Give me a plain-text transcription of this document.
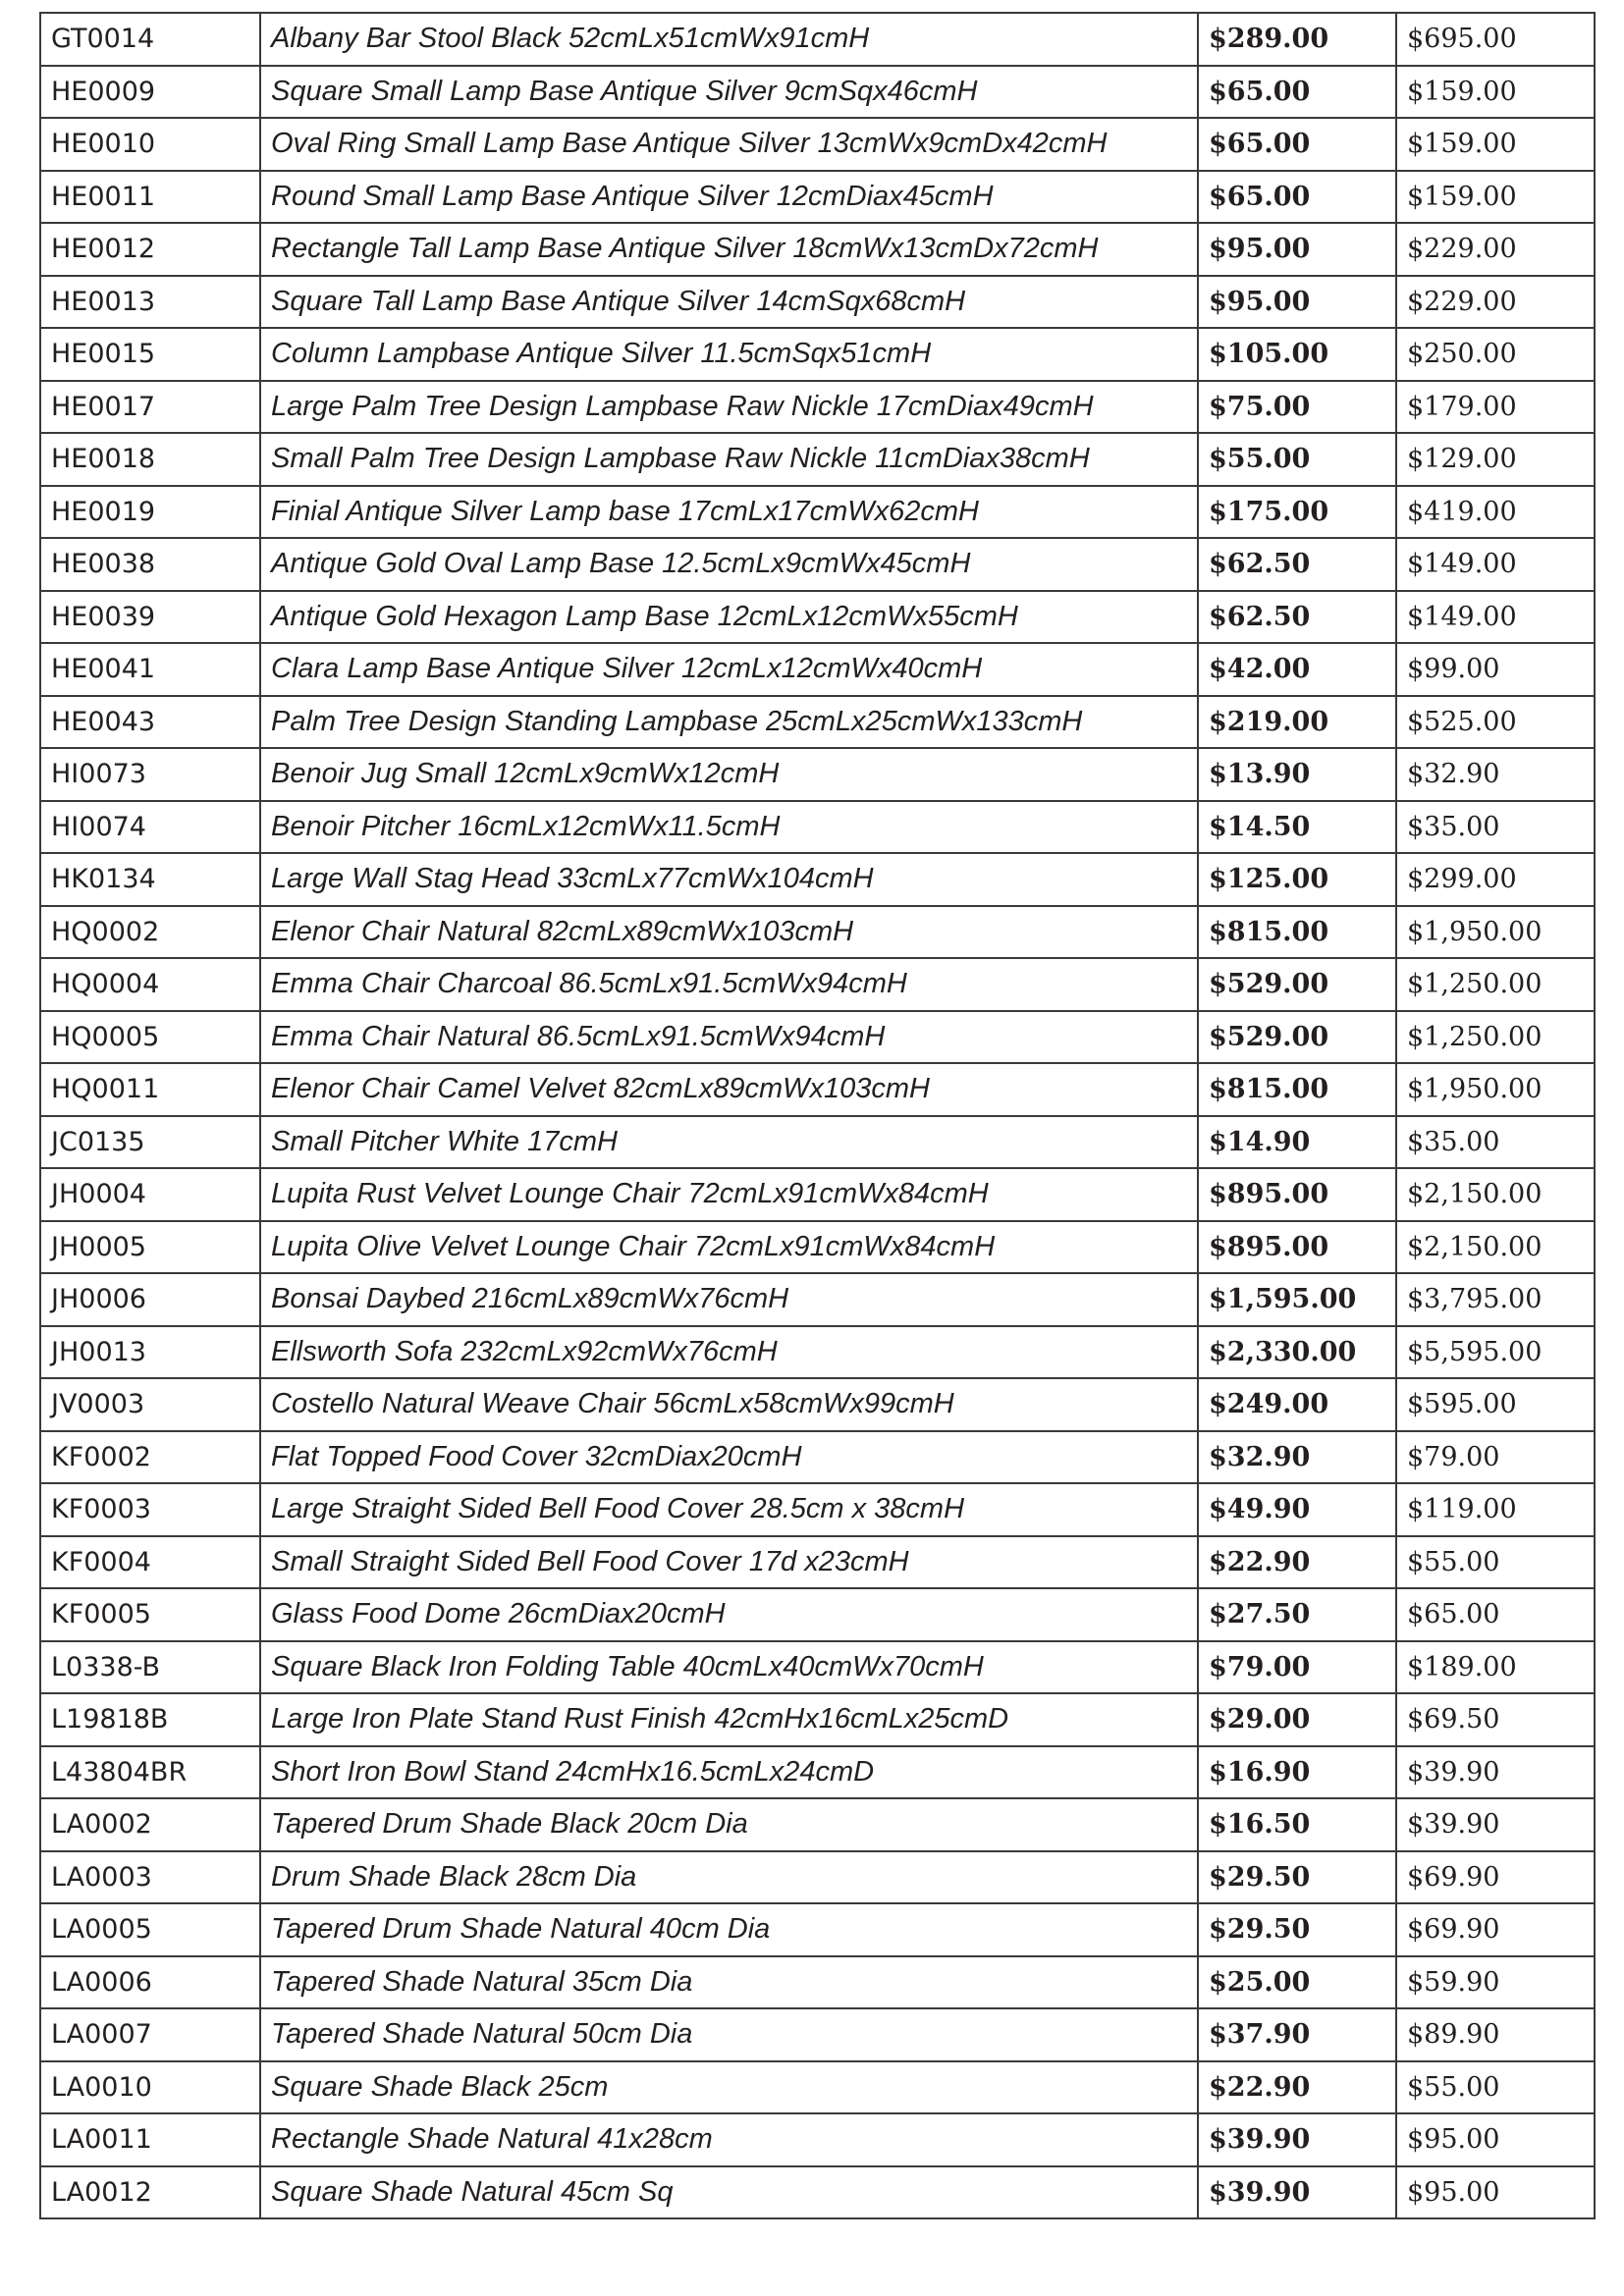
GT0014	Albany Bar Stool Black 52cmLx51cmWx91cmH	$289.00	$695.00
HE0009	Square Small Lamp Base Antique Silver 9cmSqx46cmH	$65.00	$159.00
HE0010	Oval Ring Small Lamp Base Antique Silver 13cmWx9cmDx42cmH	$65.00	$159.00
HE0011	Round Small Lamp Base Antique Silver 12cmDiax45cmH	$65.00	$159.00
HE0012	Rectangle Tall Lamp Base Antique Silver 18cmWx13cmDx72cmH	$95.00	$229.00
HE0013	Square Tall Lamp Base Antique Silver 14cmSqx68cmH	$95.00	$229.00
HE0015	Column Lampbase Antique Silver 11.5cmSqx51cmH	$105.00	$250.00
HE0017	Large Palm Tree Design Lampbase Raw Nickle 17cmDiax49cmH	$75.00	$179.00
HE0018	Small Palm Tree Design Lampbase Raw Nickle 11cmDiax38cmH	$55.00	$129.00
HE0019	Finial Antique Silver Lamp base 17cmLx17cmWx62cmH	$175.00	$419.00
HE0038	Antique Gold Oval Lamp Base 12.5cmLx9cmWx45cmH	$62.50	$149.00
HE0039	Antique Gold Hexagon Lamp Base 12cmLx12cmWx55cmH	$62.50	$149.00
HE0041	Clara Lamp Base Antique Silver 12cmLx12cmWx40cmH	$42.00	$99.00
HE0043	Palm Tree Design Standing Lampbase 25cmLx25cmWx133cmH	$219.00	$525.00
HI0073	Benoir Jug Small 12cmLx9cmWx12cmH	$13.90	$32.90
HI0074	Benoir Pitcher 16cmLx12cmWx11.5cmH	$14.50	$35.00
HK0134	Large Wall Stag Head 33cmLx77cmWx104cmH	$125.00	$299.00
HQ0002	Elenor Chair Natural 82cmLx89cmWx103cmH	$815.00	$1,950.00
HQ0004	Emma Chair Charcoal 86.5cmLx91.5cmWx94cmH	$529.00	$1,250.00
HQ0005	Emma Chair Natural 86.5cmLx91.5cmWx94cmH	$529.00	$1,250.00
HQ0011	Elenor Chair Camel Velvet 82cmLx89cmWx103cmH	$815.00	$1,950.00
JC0135	Small Pitcher White 17cmH	$14.90	$35.00
JH0004	Lupita Rust Velvet Lounge Chair 72cmLx91cmWx84cmH	$895.00	$2,150.00
JH0005	Lupita Olive Velvet Lounge Chair 72cmLx91cmWx84cmH	$895.00	$2,150.00
JH0006	Bonsai Daybed 216cmLx89cmWx76cmH	$1,595.00	$3,795.00
JH0013	Ellsworth Sofa 232cmLx92cmWx76cmH	$2,330.00	$5,595.00
JV0003	Costello Natural Weave Chair 56cmLx58cmWx99cmH	$249.00	$595.00
KF0002	Flat Topped Food Cover 32cmDiax20cmH	$32.90	$79.00
KF0003	Large Straight Sided Bell Food Cover 28.5cm x 38cmH	$49.90	$119.00
KF0004	Small Straight Sided Bell Food Cover 17d x23cmH	$22.90	$55.00
KF0005	Glass Food Dome 26cmDiax20cmH	$27.50	$65.00
L0338-B	Square Black Iron Folding Table 40cmLx40cmWx70cmH	$79.00	$189.00
L19818B	Large Iron Plate Stand Rust Finish 42cmHx16cmLx25cmD	$29.00	$69.50
L43804BR	Short Iron Bowl Stand 24cmHx16.5cmLx24cmD	$16.90	$39.90
LA0002	Tapered Drum Shade Black 20cm Dia	$16.50	$39.90
LA0003	Drum Shade Black 28cm Dia	$29.50	$69.90
LA0005	Tapered Drum Shade Natural 40cm Dia	$29.50	$69.90
LA0006	Tapered Shade Natural 35cm Dia	$25.00	$59.90
LA0007	Tapered Shade Natural 50cm Dia	$37.90	$89.90
LA0010	Square Shade Black 25cm	$22.90	$55.00
LA0011	Rectangle Shade Natural 41x28cm	$39.90	$95.00
LA0012	Square Shade Natural 45cm Sq	$39.90	$95.00
